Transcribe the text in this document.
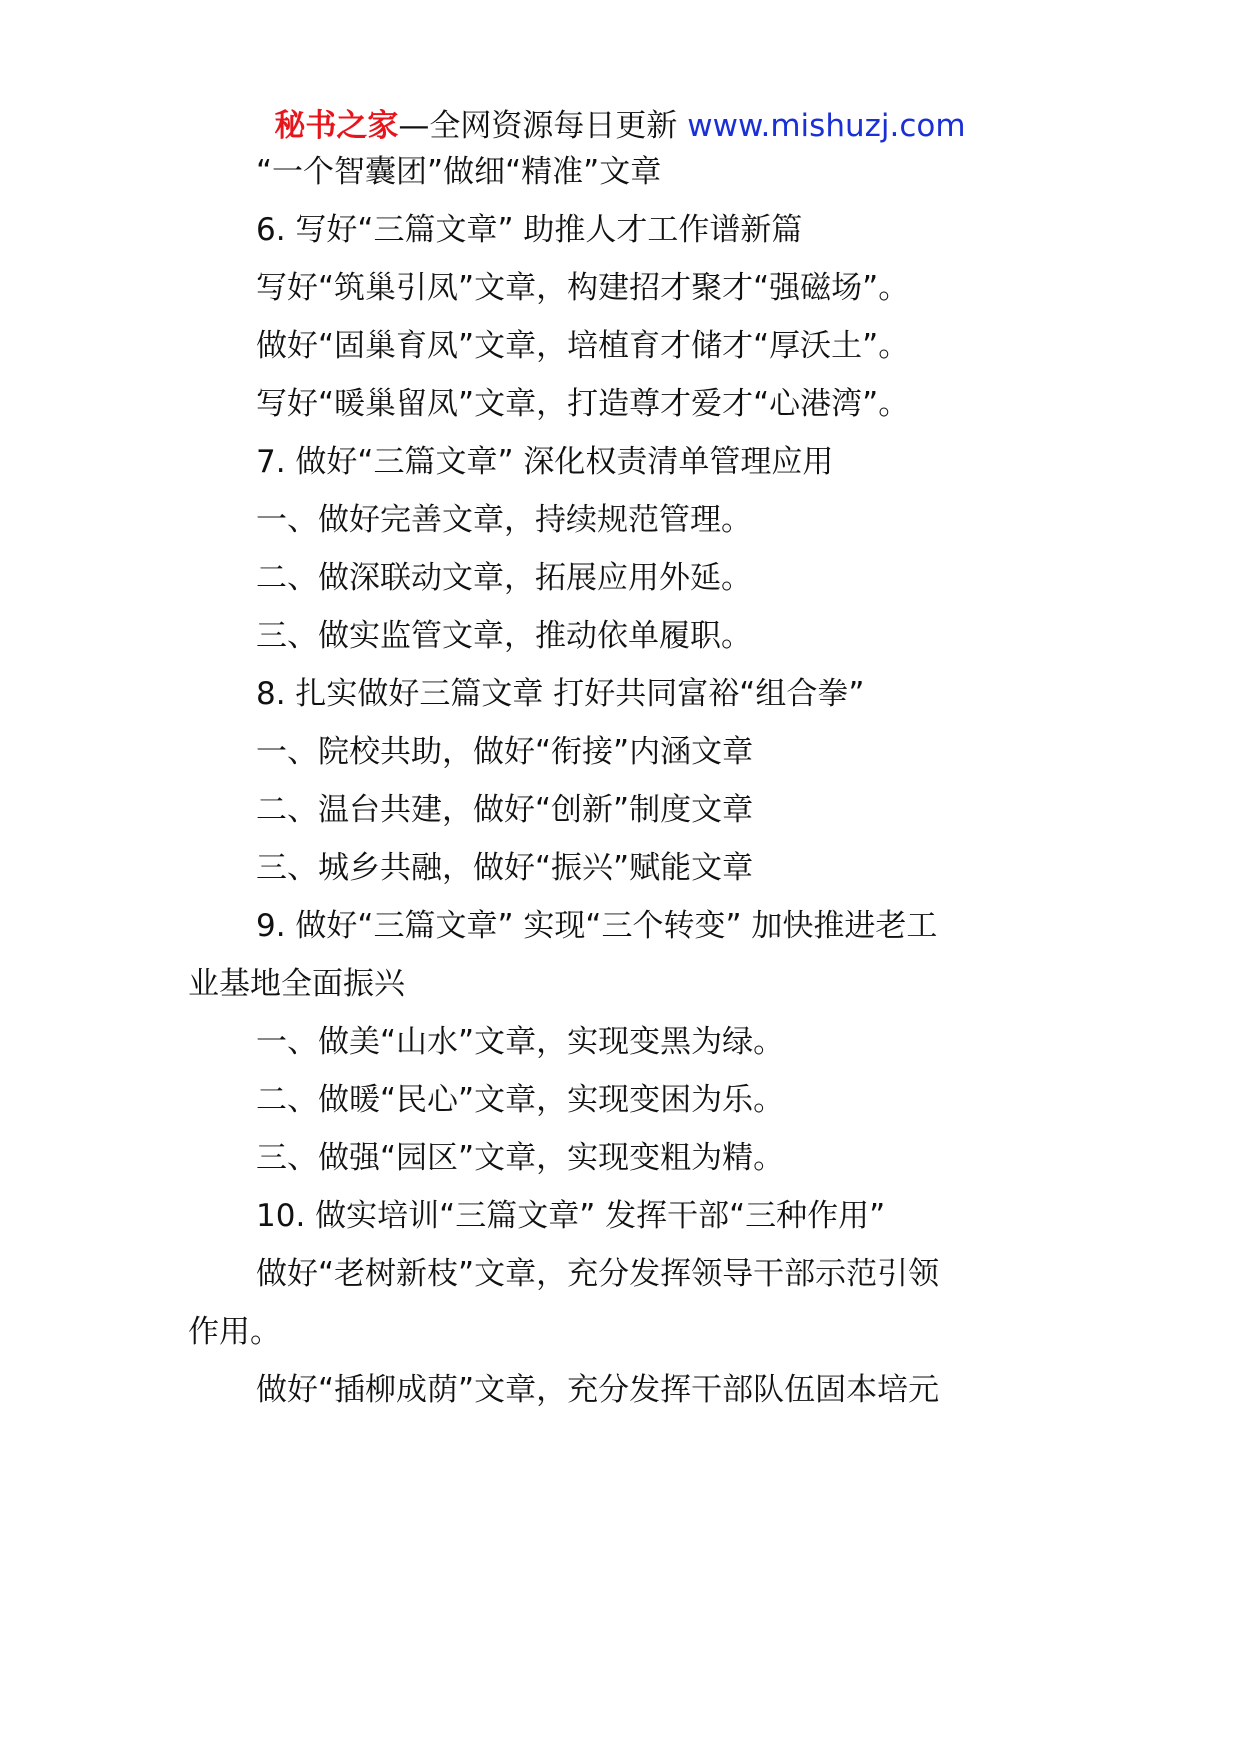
秘书之家—全网资源每日更新 www.mishuzj.com
“一个智囊团”做细“精准”文章
6. 写好“三篇文章” 助推人才工作谱新篇
写好“筑巢引凤”文章，构建招才聚才“强磁场”。
做好“固巢育凤”文章，培植育才储才“厚沃土”。
写好“暖巢留凤”文章，打造尊才爱才“心港湾”。
7. 做好“三篇文章” 深化权责清单管理应用
一、做好完善文章，持续规范管理。
二、做深联动文章，拓展应用外延。
三、做实监管文章，推动依单履职。
8. 扎实做好三篇文章 打好共同富裕“组合拳”
一、院校共助，做好“衔接”内涵文章
二、温台共建，做好“创新”制度文章
三、城乡共融，做好“振兴”赋能文章
9. 做好“三篇文章” 实现“三个转变” 加快推进老工
业基地全面振兴
一、做美“山水”文章，实现变黑为绿。
二、做暖“民心”文章，实现变困为乐。
三、做强“园区”文章，实现变粗为精。
10. 做实培训“三篇文章” 发挥干部“三种作用”
做好“老树新枝”文章，充分发挥领导干部示范引领
作用。
做好“插柳成荫”文章，充分发挥干部队伍固本培元
